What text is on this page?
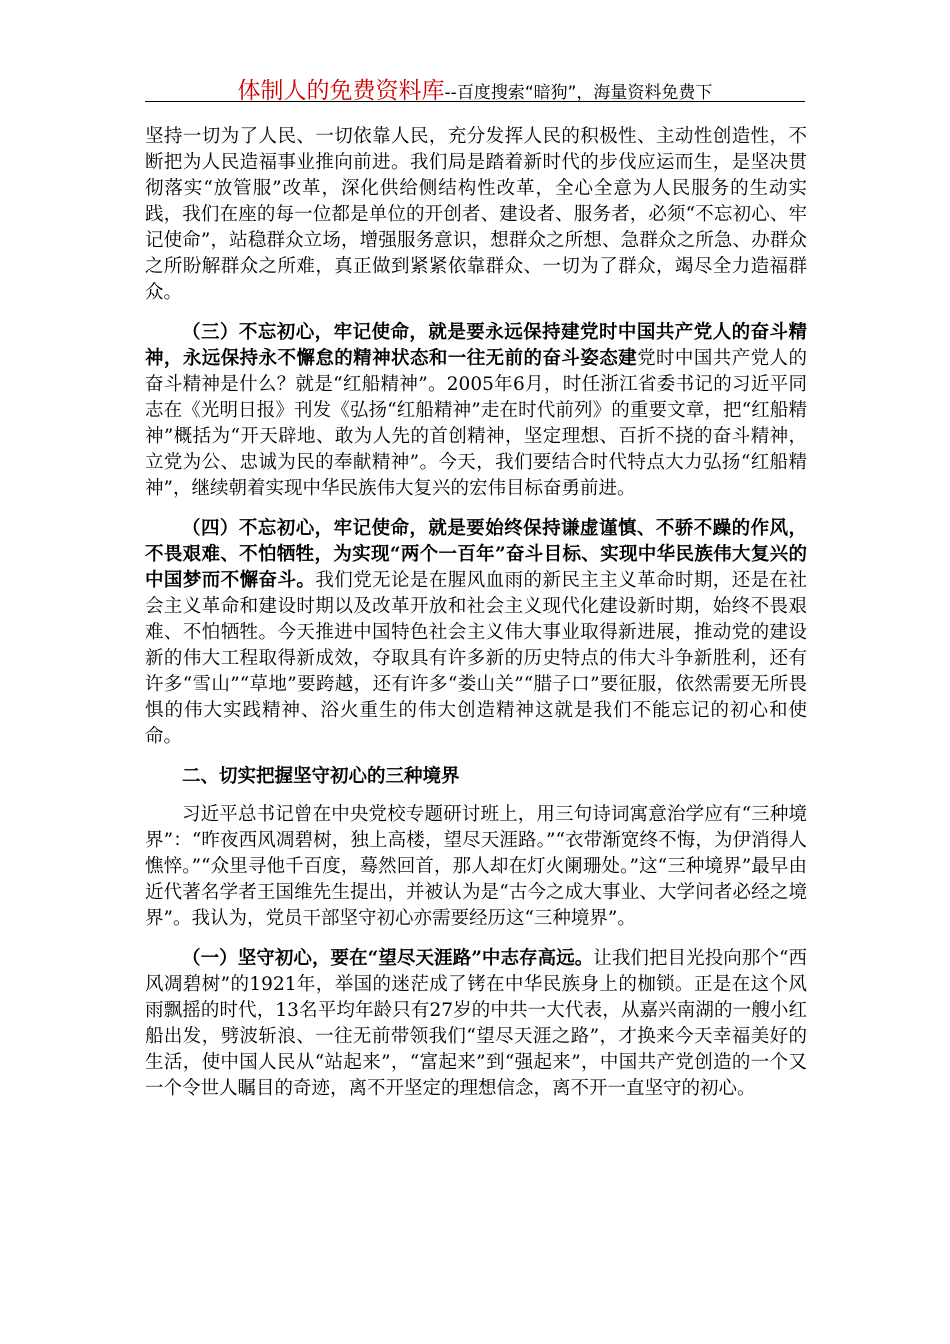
体制人的免费资料库--百度搜索“暗狗”，海量资料免费下

坚持一切为了人民、一切依靠人民，充分发挥人民的积极性、主动性创造性，不断把为人民造福事业推向前进。我们局是踏着新时代的步伐应运而生，是坚决贯彻落实“放管服”改革，深化供给侧结构性改革，全心全意为人民服务的生动实践，我们在座的每一位都是单位的开创者、建设者、服务者，必须“不忘初心、牢记使命”，站稳群众立场，增强服务意识，想群众之所想、急群众之所急、办群众之所盼解群众之所难，真正做到紧紧依靠群众、一切为了群众，竭尽全力造福群众。

（三）不忘初心，牢记使命，就是要永远保持建党时中国共产党人的奋斗精神，永远保持永不懈怠的精神状态和一往无前的奋斗姿态建党时中国共产党人的奋斗精神是什么？就是“红船精神”。2005年6月，时任浙江省委书记的习近平同志在《光明日报》刊发《弘扬“红船精神”走在时代前列》的重要文章，把“红船精神”概括为“开天辟地、敢为人先的首创精神，坚定理想、百折不挠的奋斗精神，立党为公、忠诚为民的奉献精神”。今天，我们要结合时代特点大力弘扬“红船精神”，继续朝着实现中华民族伟大复兴的宏伟目标奋勇前进。

（四）不忘初心，牢记使命，就是要始终保持谦虚谨慎、不骄不躁的作风，不畏艰难、不怕牺牲，为实现“两个一百年”奋斗目标、实现中华民族伟大复兴的中国梦而不懈奋斗。我们党无论是在腥风血雨的新民主主义革命时期，还是在社会主义革命和建设时期以及改革开放和社会主义现代化建设新时期，始终不畏艰难、不怕牺牲。今天推进中国特色社会主义伟大事业取得新进展，推动党的建设新的伟大工程取得新成效，夺取具有许多新的历史特点的伟大斗争新胜利，还有许多“雪山”“草地”要跨越，还有许多“娄山关”“腊子口”要征服，依然需要无所畏惧的伟大实践精神、浴火重生的伟大创造精神这就是我们不能忘记的初心和使命。

二、切实把握坚守初心的三种境界

习近平总书记曾在中央党校专题研讨班上，用三句诗词寓意治学应有“三种境界”：“昨夜西风凋碧树，独上高楼，望尽天涯路。”“衣带渐宽终不悔，为伊消得人憔悴。”“众里寻他千百度，蓦然回首，那人却在灯火阑珊处。”这“三种境界”最早由近代著名学者王国维先生提出，并被认为是“古今之成大事业、大学问者必经之境界”。我认为，党员干部坚守初心亦需要经历这“三种境界”。

（一）坚守初心，要在“望尽天涯路”中志存高远。让我们把目光投向那个“西风凋碧树”的1921年，举国的迷茫成了铐在中华民族身上的枷锁。正是在这个风雨飘摇的时代，13名平均年龄只有27岁的中共一大代表，从嘉兴南湖的一艘小红船出发，劈波斩浪、一往无前带领我们“望尽天涯之路”，才换来今天幸福美好的生活，使中国人民从“站起来”，“富起来”到“强起来”，中国共产党创造的一个又一个令世人瞩目的奇迹，离不开坚定的理想信念，离不开一直坚守的初心。
